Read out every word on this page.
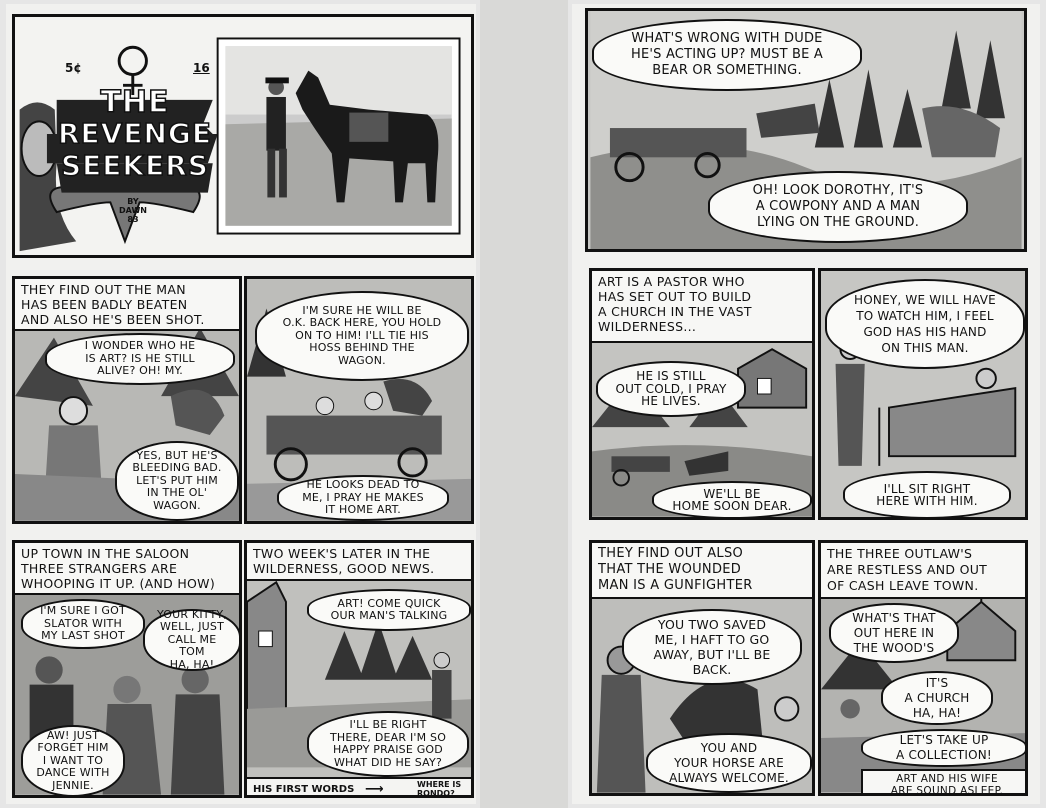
5¢	16
THE
REVENGE
SEEKERS
BY DAWN 83
WHAT'S WRONG WITH DUDE
HE'S ACTING UP? MUST BE A
BEAR OR SOMETHING.
OH! LOOK DOROTHY, IT'S
A COWPONY AND A MAN
LYING ON THE GROUND.
THEY FIND OUT THE MAN
HAS BEEN BADLY BEATEN
AND ALSO HE'S BEEN SHOT.
I WONDER WHO HE
IS ART? IS HE STILL
ALIVE? OH! MY.
YES, BUT HE'S
BLEEDING BAD.
LET'S PUT HIM
IN THE OL'
WAGON.
I'M SURE HE WILL BE
O.K. BACK HERE, YOU HOLD
ON TO HIM! I'LL TIE HIS
HOSS BEHIND THE
WAGON.
HE LOOKS DEAD TO
ME, I PRAY HE MAKES
IT HOME ART.
ART IS A PASTOR WHO
HAS SET OUT TO BUILD
A CHURCH IN THE VAST
WILDERNESS...
HE IS STILL
OUT COLD, I PRAY
HE LIVES.
WE'LL BE
HOME SOON DEAR.
HONEY, WE WILL HAVE
TO WATCH HIM, I FEEL
GOD HAS HIS HAND
ON THIS MAN.
I'LL SIT RIGHT
HERE WITH HIM.
UP TOWN IN THE SALOON
THREE STRANGERS ARE
WHOOPING IT UP. (AND HOW)
I'M SURE I GOT
SLATOR WITH
MY LAST SHOT
YOUR KITTY,
WELL, JUST
CALL ME TOM
HA, HA!
AW! JUST
FORGET HIM
I WANT TO
DANCE WITH
JENNIE.
TWO WEEK'S LATER IN THE
WILDERNESS, GOOD NEWS.
ART! COME QUICK
OUR MAN'S TALKING
I'LL BE RIGHT
THERE, DEAR I'M SO
HAPPY PRAISE GOD
WHAT DID HE SAY?
HIS FIRST WORDS ⟶	WHERE IS
RONDO?
THEY FIND OUT ALSO
THAT THE WOUNDED
MAN IS A GUNFIGHTER
YOU TWO SAVED
ME, I HAFT TO GO
AWAY, BUT I'LL BE
BACK.
YOU AND
YOUR HORSE ARE
ALWAYS WELCOME.
THE THREE OUTLAW'S
ARE RESTLESS AND OUT
OF CASH LEAVE TOWN.
WHAT'S THAT
OUT HERE IN
THE WOOD'S
IT'S
A CHURCH
HA, HA!
LET'S TAKE UP
A COLLECTION!
ART AND HIS WIFE
ARE SOUND ASLEEP.
